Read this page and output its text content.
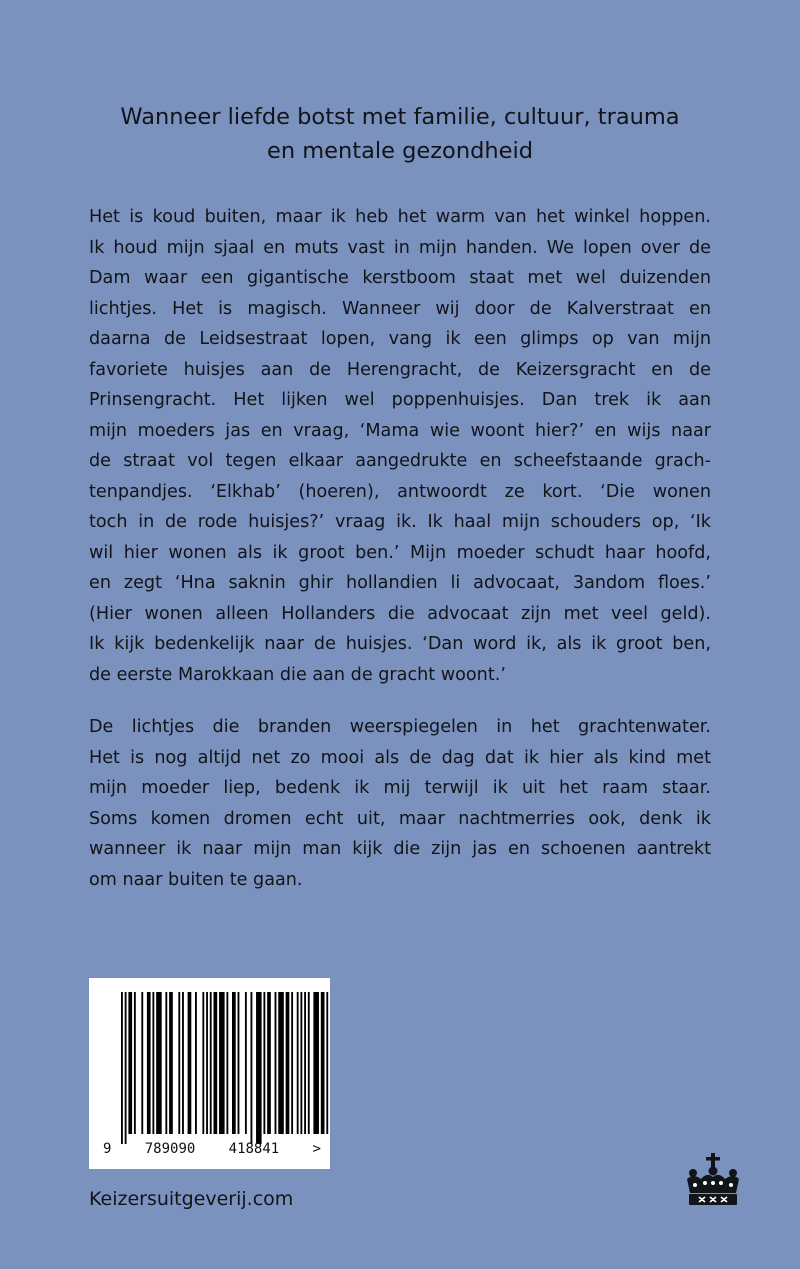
Wanneer liefde botst met familie, cultuur, trauma
en mentale gezondheid
Het is koud buiten, maar ik heb het warm van het winkel hoppen.
Ik houd mijn sjaal en muts vast in mijn handen. We lopen over de
Dam waar een gigantische kerstboom staat met wel duizenden
lichtjes. Het is magisch. Wanneer wij door de Kalverstraat en
daarna de Leidsestraat lopen, vang ik een glimps op van mijn
favoriete huisjes aan de Herengracht, de Keizersgracht en de
Prinsengracht. Het lijken wel poppenhuisjes. Dan trek ik aan
mijn moeders jas en vraag, ‘Mama wie woont hier?’ en wijs naar
de straat vol tegen elkaar aangedrukte en scheefstaande grach-
tenpandjes. ‘Elkhab’ (hoeren), antwoordt ze kort. ‘Die wonen
toch in de rode huisjes?’ vraag ik. Ik haal mijn schouders op, ‘Ik
wil hier wonen als ik groot ben.’ Mijn moeder schudt haar hoofd,
en zegt ‘Hna saknin ghir hollandien li advocaat, 3andom floes.’
(Hier wonen alleen Hollanders die advocaat zijn met veel geld).
Ik kijk bedenkelijk naar de huisjes. ‘Dan word ik, als ik groot ben,
de eerste Marokkaan die aan de gracht woont.’
De lichtjes die branden weerspiegelen in het grachtenwater.
Het is nog altijd net zo mooi als de dag dat ik hier als kind met
mijn moeder liep, bedenk ik mij terwijl ik uit het raam staar.
Soms komen dromen echt uit, maar nachtmerries ook, denk ik
wanneer ik naar mijn man kijk die zijn jas en schoenen aantrekt
om naar buiten te gaan.
9 789090 418841 >
Keizersuitgeverij.com
